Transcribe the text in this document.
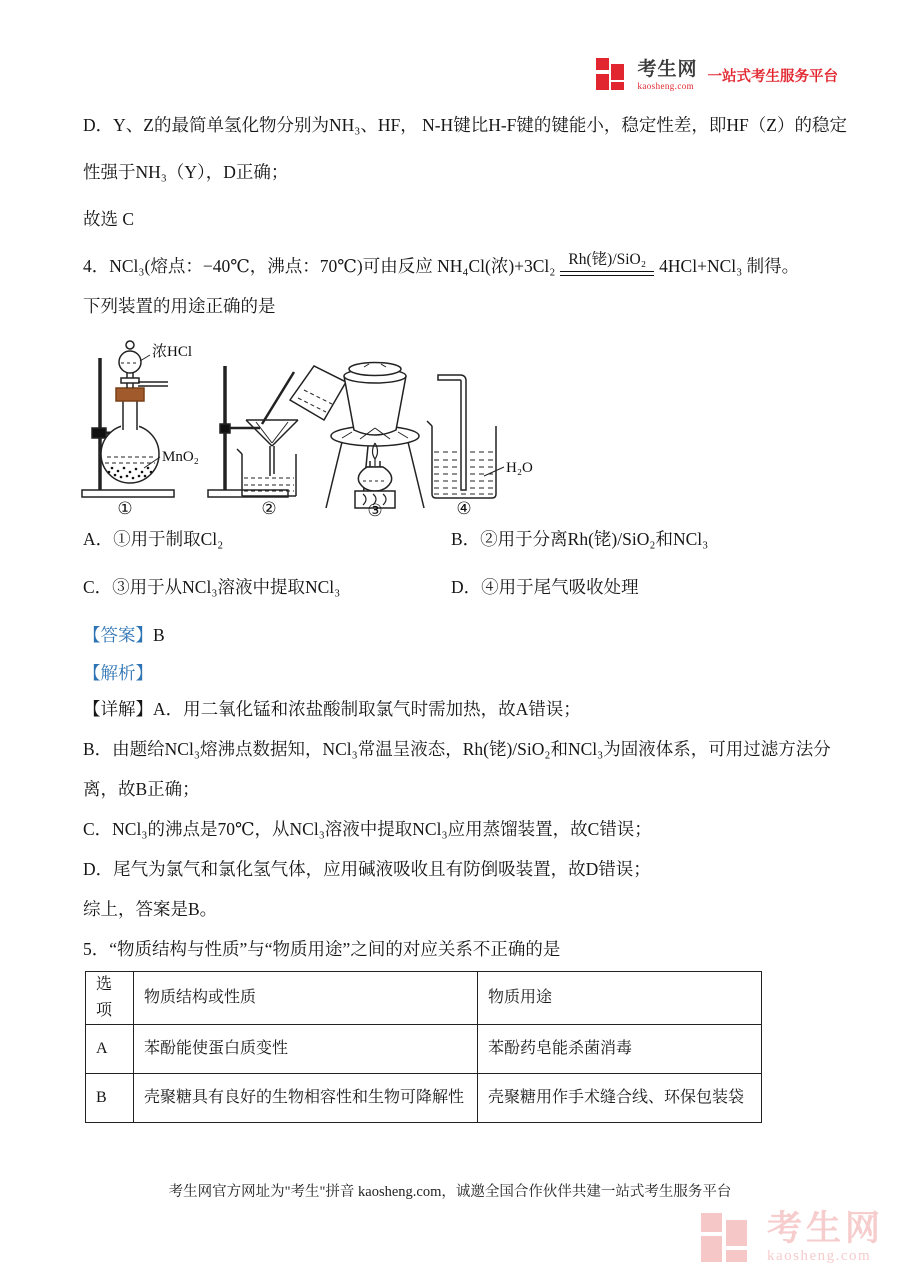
考生网
kaosheng.com
一站式考生服务平台

D．Y、Z的最简单氢化物分别为NH₃、HF， N-H键比H-F键的键能小，稳定性差，即HF（Z）的稳定

性强于NH₃（Y），D正确；

故选 C

4．NCl₃(熔点：−40℃，沸点：70℃)可由反应 NH₄Cl(浓)+3Cl₂ Rh(铑)/SiO₂ 4HCl+NCl₃ 制得。

下列装置的用途正确的是

浓HCl
MnO₂
H₂O
①	②	③	④
A．①用于制取Cl₂	B．②用于分离Rh(铑)/SiO₂和NCl₃
C．③用于从NCl₃溶液中提取NCl₃	D．④用于尾气吸收处理

【答案】B

【解析】

【详解】A．用二氧化锰和浓盐酸制取氯气时需加热，故A错误；

B．由题给NCl₃熔沸点数据知，NCl₃常温呈液态，Rh(铑)/SiO₂和NCl₃为固液体系，可用过滤方法分

离，故B正确；

C．NCl₃的沸点是70℃，从NCl₃溶液中提取NCl₃应用蒸馏装置，故C错误；

D．尾气为氯气和氯化氢气体，应用碱液吸收且有防倒吸装置，故D错误；

综上，答案是B。

5．“物质结构与性质”与“物质用途”之间的对应关系不正确的是

选项	物质结构或性质	物质用途
A	苯酚能使蛋白质变性	苯酚药皂能杀菌消毒
B	壳聚糖具有良好的生物相容性和生物可降解性	壳聚糖用作手术缝合线、环保包装袋
考生网官方网址为"考生"拼音 kaosheng.com，诚邀全国合作伙伴共建一站式考生服务平台
考生网
kaosheng.com
